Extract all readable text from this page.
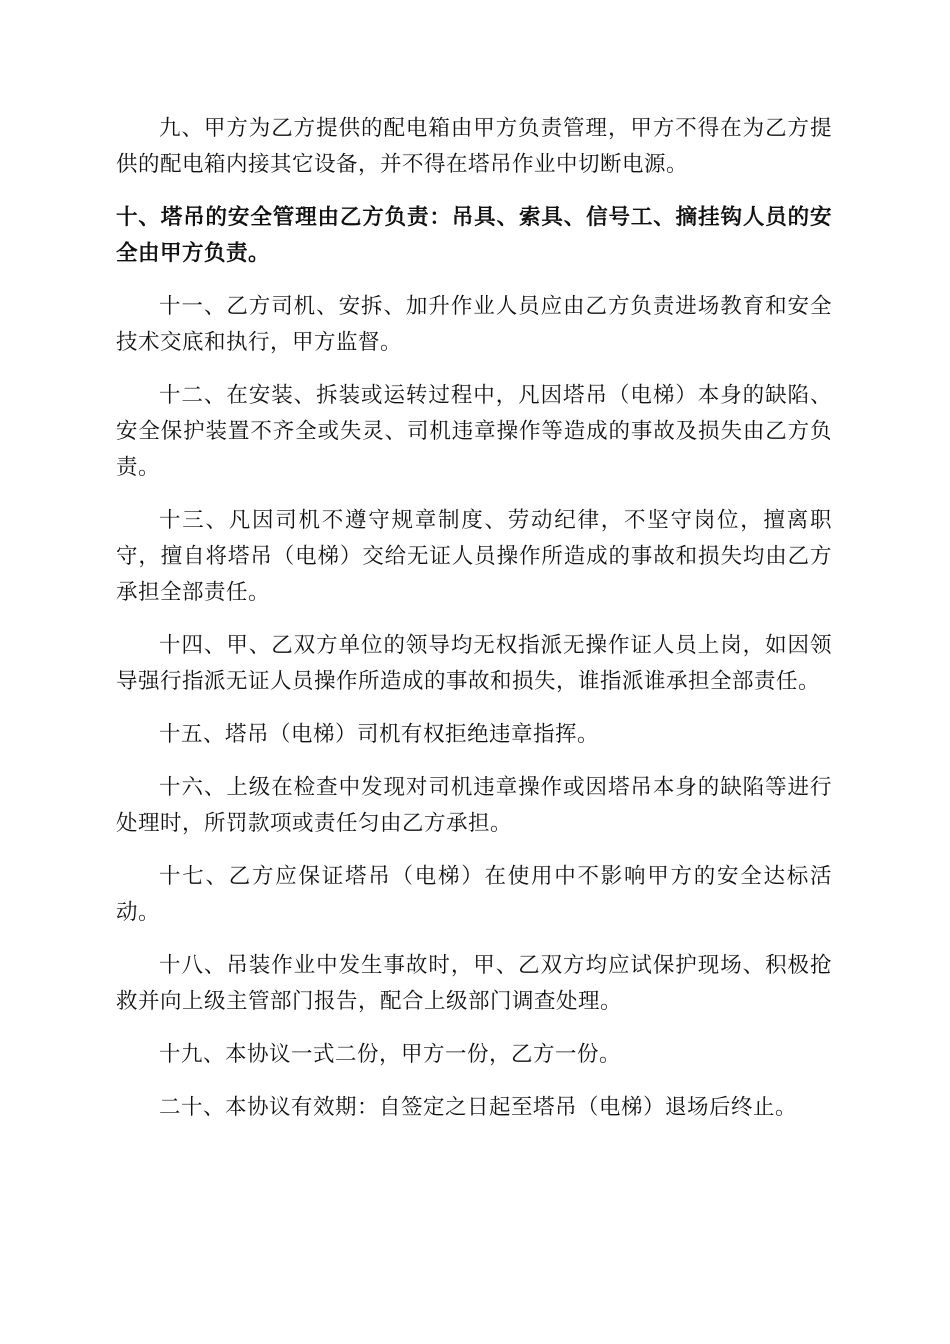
九、甲方为乙方提供的配电箱由甲方负责管理，甲方不得在为乙方提供的配电箱内接其它设备，并不得在塔吊作业中切断电源。

十、塔吊的安全管理由乙方负责：吊具、索具、信号工、摘挂钩人员的安全由甲方负责。

十一、乙方司机、安拆、加升作业人员应由乙方负责进场教育和安全技术交底和执行，甲方监督。

十二、在安装、拆装或运转过程中，凡因塔吊（电梯）本身的缺陷、安全保护装置不齐全或失灵、司机违章操作等造成的事故及损失由乙方负责。

十三、凡因司机不遵守规章制度、劳动纪律，不坚守岗位，擅离职守，擅自将塔吊（电梯）交给无证人员操作所造成的事故和损失均由乙方承担全部责任。

十四、甲、乙双方单位的领导均无权指派无操作证人员上岗，如因领导强行指派无证人员操作所造成的事故和损失，谁指派谁承担全部责任。

十五、塔吊（电梯）司机有权拒绝违章指挥。

十六、上级在检查中发现对司机违章操作或因塔吊本身的缺陷等进行处理时，所罚款项或责任匀由乙方承担。

十七、乙方应保证塔吊（电梯）在使用中不影响甲方的安全达标活动。

十八、吊装作业中发生事故时，甲、乙双方均应试保护现场、积极抢救并向上级主管部门报告，配合上级部门调查处理。

十九、本协议一式二份，甲方一份，乙方一份。

二十、本协议有效期：自签定之日起至塔吊（电梯）退场后终止。
